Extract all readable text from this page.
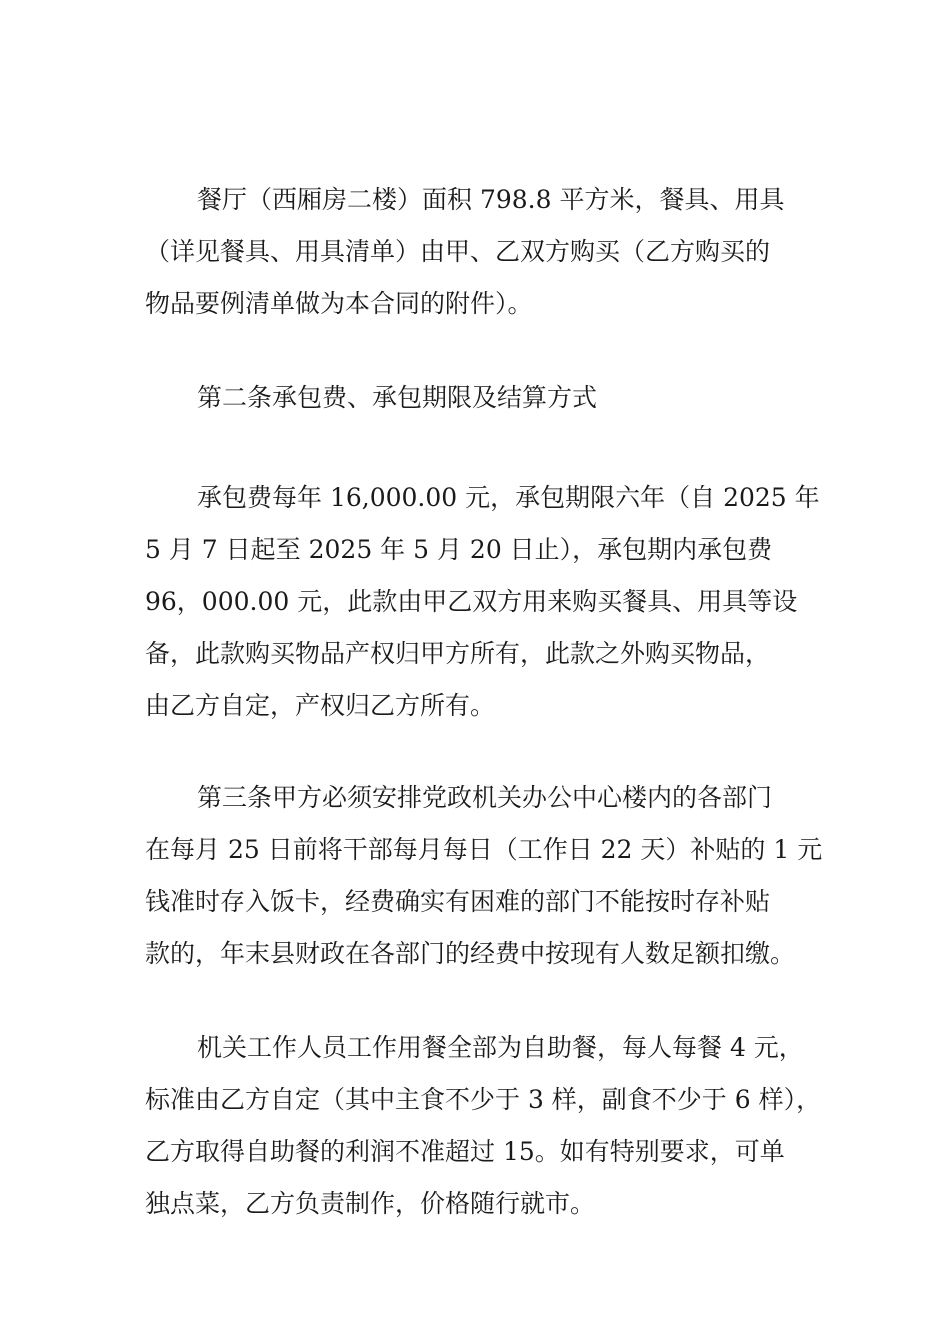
餐厅（西厢房二楼）面积 798.8 平方米，餐具、用具
（详见餐具、用具清单）由甲、乙双方购买（乙方购买的
物品要例清单做为本合同的附件）。
第二条承包费、承包期限及结算方式
承包费每年 16,000.00 元，承包期限六年（自 2025 年
5 月 7 日起至 2025 年 5 月 20 日止），承包期内承包费
96，000.00 元，此款由甲乙双方用来购买餐具、用具等设
备，此款购买物品产权归甲方所有，此款之外购买物品，
由乙方自定，产权归乙方所有。
第三条甲方必须安排党政机关办公中心楼内的各部门
在每月 25 日前将干部每月每日（工作日 22 天）补贴的 1 元
钱准时存入饭卡，经费确实有困难的部门不能按时存补贴
款的，年末县财政在各部门的经费中按现有人数足额扣缴。
机关工作人员工作用餐全部为自助餐，每人每餐 4 元，
标准由乙方自定（其中主食不少于 3 样，副食不少于 6 样），
乙方取得自助餐的利润不准超过 15。如有特别要求，可单
独点菜，乙方负责制作，价格随行就市。
